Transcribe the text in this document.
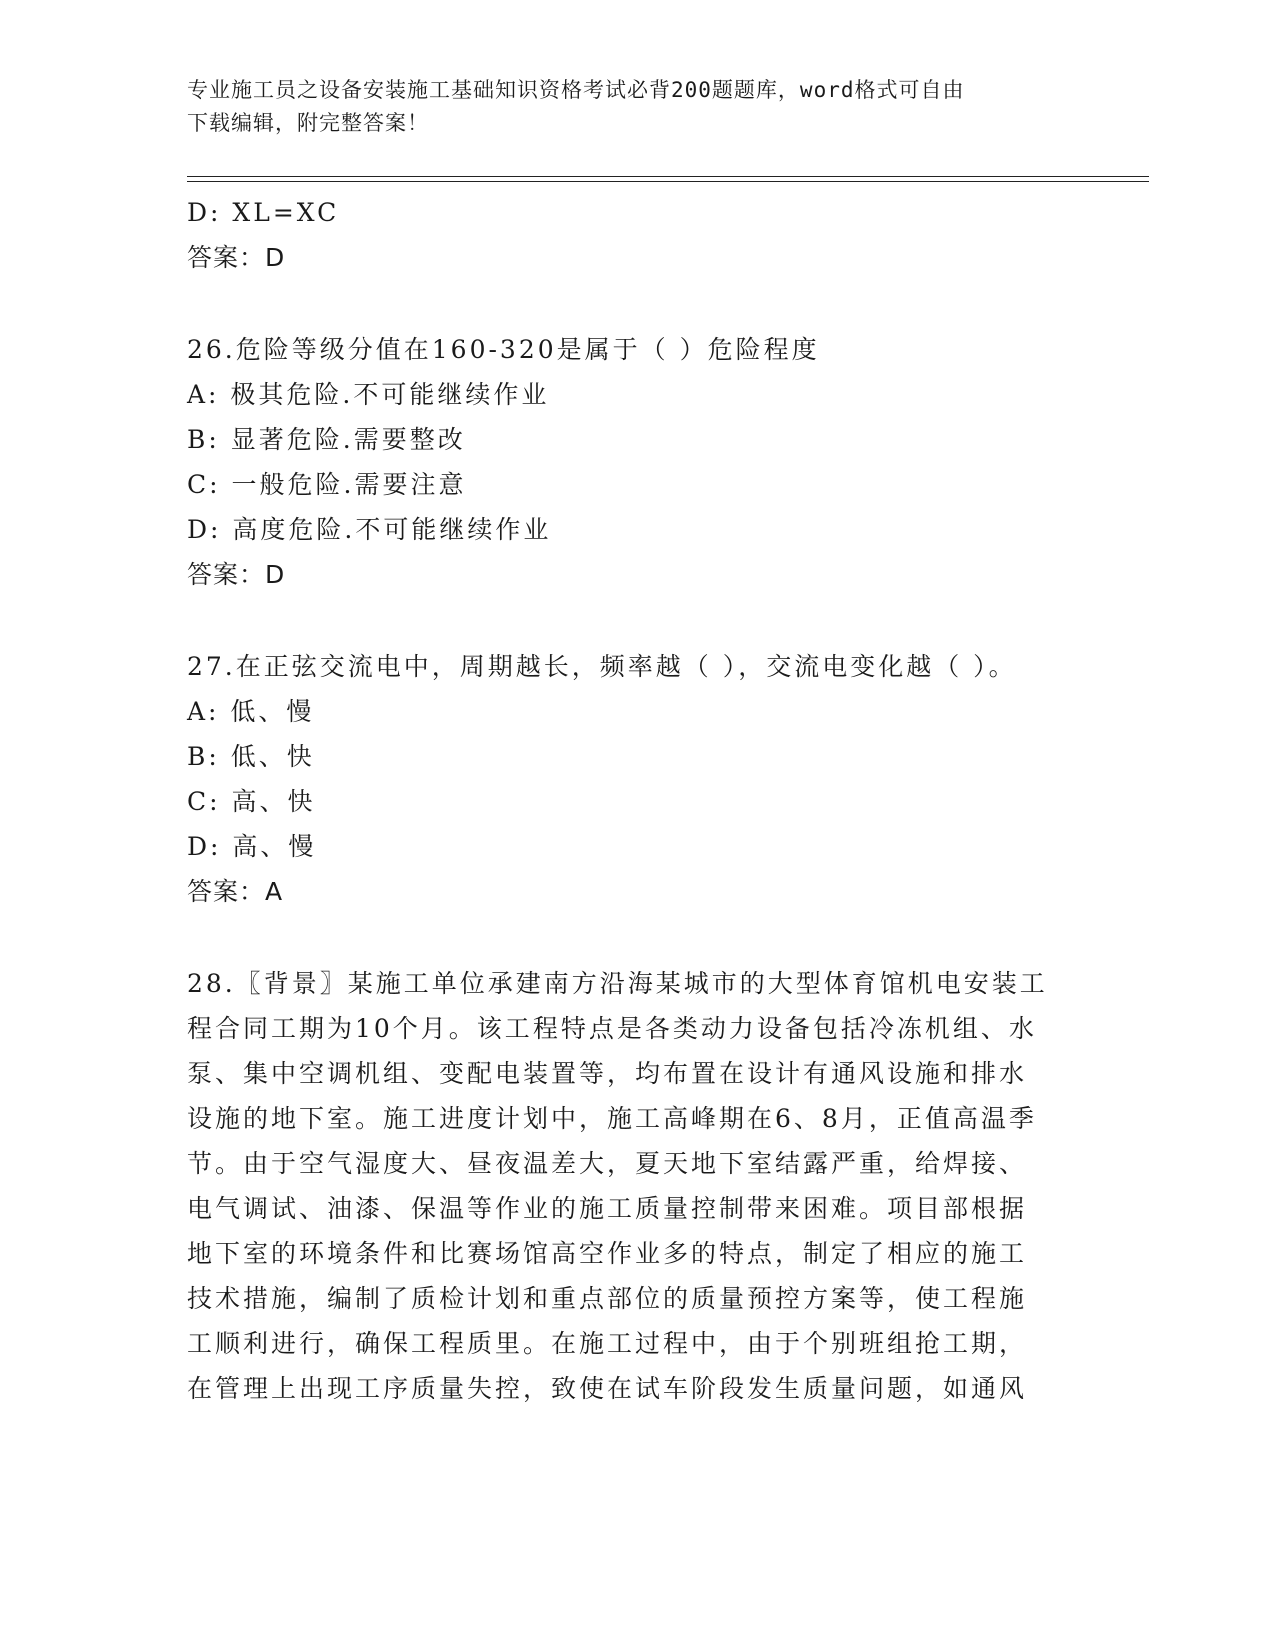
专业施工员之设备安装施工基础知识资格考试必背200题题库，word格式可自由
下载编辑，附完整答案！
D: XL=XC
答案：D
26.危险等级分值在160-320是属于（ ）危险程度
A: 极其危险.不可能继续作业
B: 显著危险.需要整改
C: 一般危险.需要注意
D: 高度危险.不可能继续作业
答案：D
27.在正弦交流电中，周期越长，频率越（ ），交流电变化越（ ）。
A: 低、慢
B: 低、快
C: 高、快
D: 高、慢
答案：A
28.〖背景〗某施工单位承建南方沿海某城市的大型体育馆机电安装工
程合同工期为10个月。该工程特点是各类动力设备包括冷冻机组、水
泵、集中空调机组、变配电装置等，均布置在设计有通风设施和排水
设施的地下室。施工进度计划中，施工高峰期在6、8月，正值高温季
节。由于空气湿度大、昼夜温差大，夏天地下室结露严重，给焊接、
电气调试、油漆、保温等作业的施工质量控制带来困难。项目部根据
地下室的环境条件和比赛场馆高空作业多的特点，制定了相应的施工
技术措施，编制了质检计划和重点部位的质量预控方案等，使工程施
工顺利进行，确保工程质里。在施工过程中，由于个别班组抢工期，
在管理上出现工序质量失控，致使在试车阶段发生质量问题，如通风
